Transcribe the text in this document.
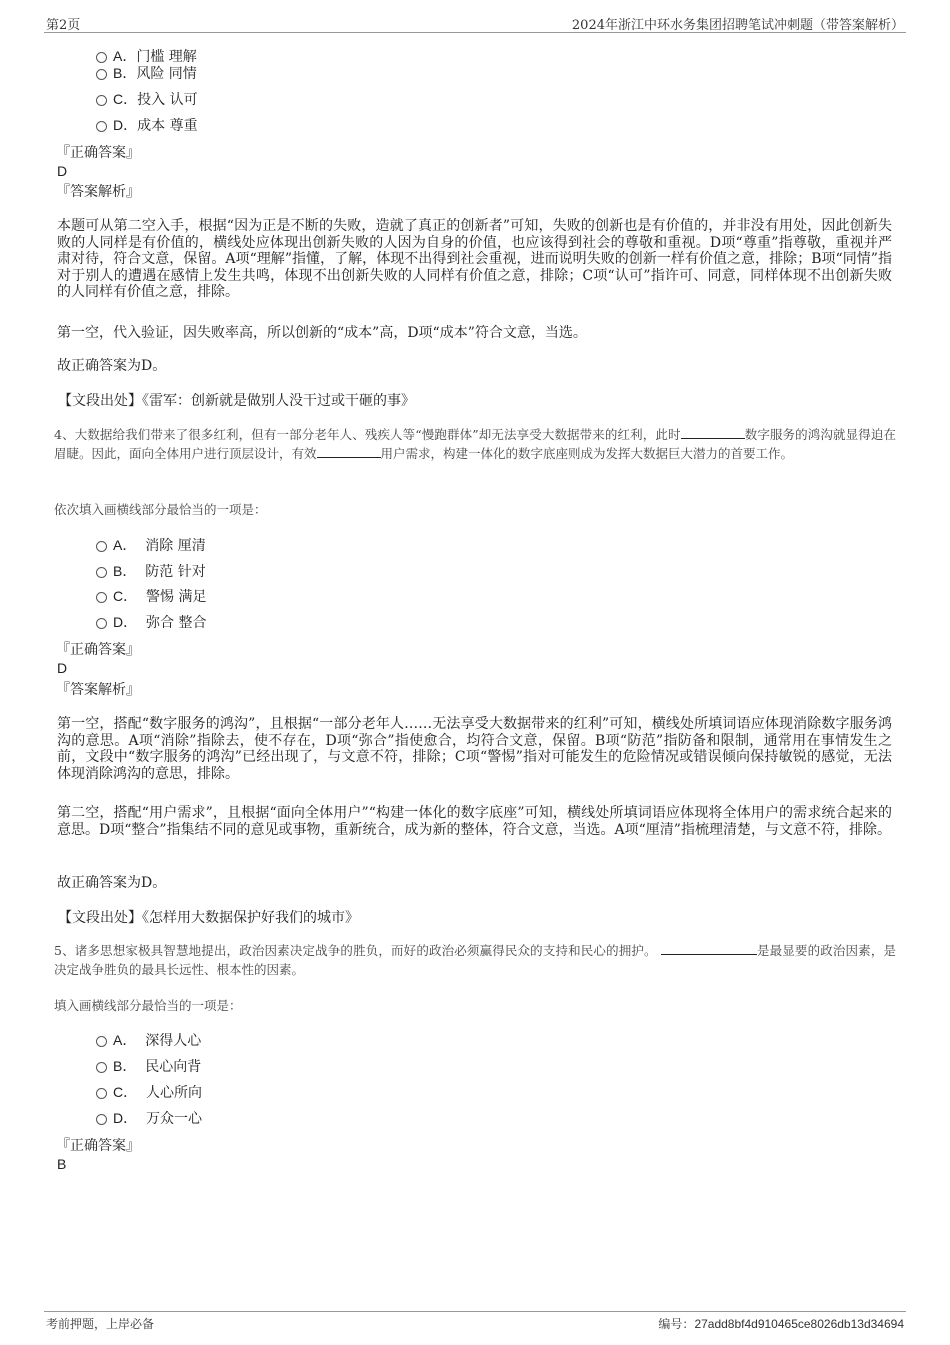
第2页	2024年浙江中环水务集团招聘笔试冲刺题（带答案解析）
A．门槛 理解
B．风险 同情
C．投入 认可
D．成本 尊重
『正确答案』
D
『答案解析』
本题可从第二空入手，根据“因为正是不断的失败，造就了真正的创新者”可知，失败的创新也是有价值的，并非没有用处，因此创新失败的人同样是有价值的，横线处应体现出创新失败的人因为自身的价值，也应该得到社会的尊敬和重视。D项“尊重”指尊敬，重视并严肃对待，符合文意，保留。A项“理解”指懂，了解，体现不出得到社会重视，进而说明失败的创新一样有价值之意，排除；B项“同情”指对于别人的遭遇在感情上发生共鸣，体现不出创新失败的人同样有价值之意，排除；C项“认可”指许可、同意，同样体现不出创新失败的人同样有价值之意，排除。
第一空，代入验证，因失败率高，所以创新的“成本”高，D项“成本”符合文意，当选。
故正确答案为D。
【文段出处】《雷军：创新就是做别人没干过或干砸的事》
4、大数据给我们带来了很多红利，但有一部分老年人、残疾人等“慢跑群体”却无法享受大数据带来的红利，此时	数字服务的鸿沟就显得迫在眉睫。因此，面向全体用户进行顶层设计，有效	用户需求，构建一体化的数字底座则成为发挥大数据巨大潜力的首要工作。
依次填入画横线部分最恰当的一项是：
A． 消除 厘清
B． 防范 针对
C． 警惕 满足
D． 弥合 整合
『正确答案』
D
『答案解析』
第一空，搭配“数字服务的鸿沟”，且根据“一部分老年人……无法享受大数据带来的红利”可知，横线处所填词语应体现消除数字服务鸿沟的意思。A项“消除”指除去，使不存在，D项“弥合”指使愈合，均符合文意，保留。B项“防范”指防备和限制，通常用在事情发生之前，文段中“数字服务的鸿沟”已经出现了，与文意不符，排除；C项“警惕”指对可能发生的危险情况或错误倾向保持敏锐的感觉，无法体现消除鸿沟的意思，排除。
第二空，搭配“用户需求”，且根据“面向全体用户”“构建一体化的数字底座”可知，横线处所填词语应体现将全体用户的需求统合起来的意思。D项“整合”指集结不同的意见或事物，重新统合，成为新的整体，符合文意，当选。A项“厘清”指梳理清楚，与文意不符，排除。
故正确答案为D。
【文段出处】《怎样用大数据保护好我们的城市》
5、诸多思想家极具智慧地提出，政治因素决定战争的胜负，而好的政治必须赢得民众的支持和民心的拥护。	是最显要的政治因素，是决定战争胜负的最具长远性、根本性的因素。
填入画横线部分最恰当的一项是：
A． 深得人心
B． 民心向背
C． 人心所向
D． 万众一心
『正确答案』
B
考前押题，上岸必备	编号：27add8bf4d910465ce8026db13d34694
